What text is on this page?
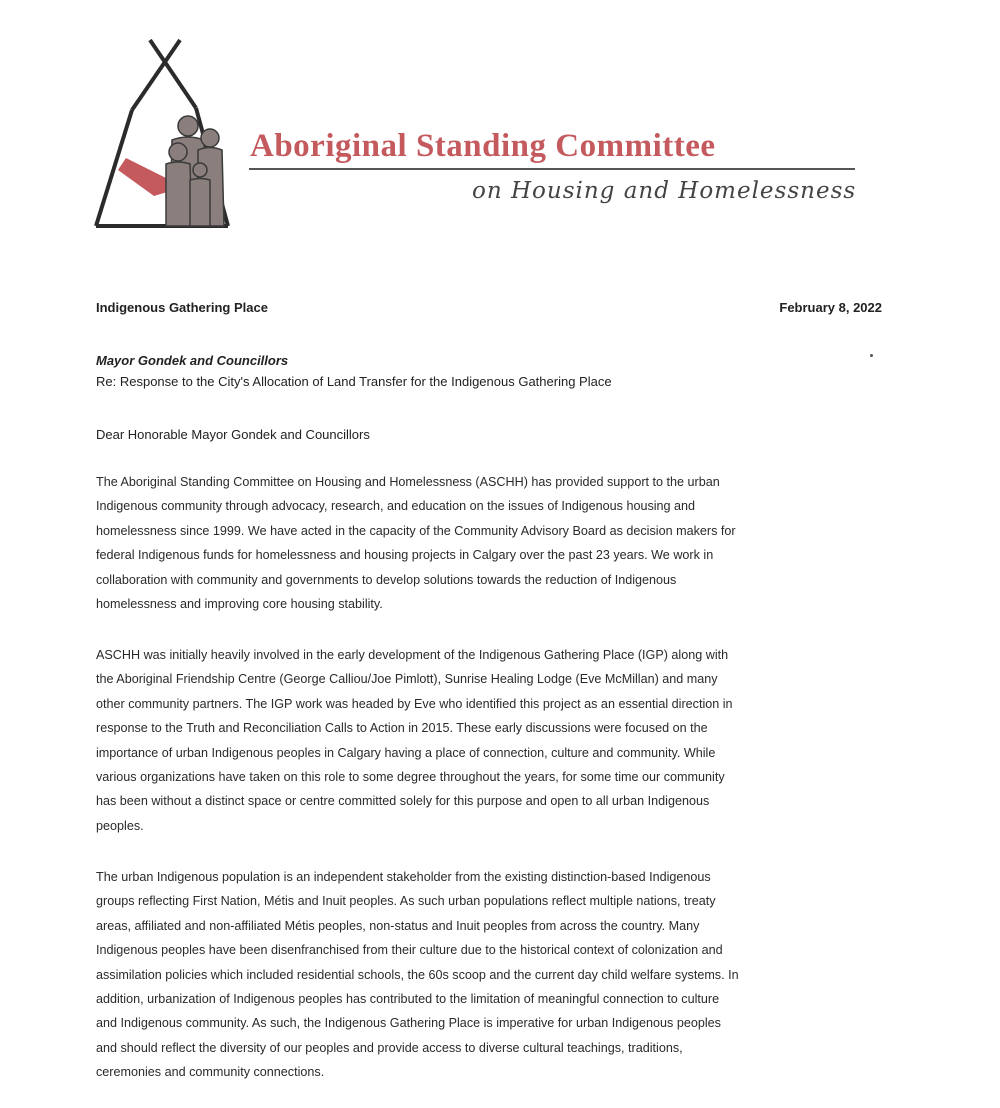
Aboriginal Standing Committee
on Housing and Homelessness
Indigenous Gathering Place	February 8, 2022
Mayor Gondek and Councillors
Re: Response to the City's Allocation of Land Transfer for the Indigenous Gathering Place
Dear Honorable Mayor Gondek and Councillors
The Aboriginal Standing Committee on Housing and Homelessness (ASCHH) has provided support to the urban
Indigenous community through advocacy, research, and education on the issues of Indigenous housing and
homelessness since 1999. We have acted in the capacity of the Community Advisory Board as decision makers for
federal Indigenous funds for homelessness and housing projects in Calgary over the past 23 years. We work in
collaboration with community and governments to develop solutions towards the reduction of Indigenous
homelessness and improving core housing stability.
ASCHH was initially heavily involved in the early development of the Indigenous Gathering Place (IGP) along with
the Aboriginal Friendship Centre (George Calliou/Joe Pimlott), Sunrise Healing Lodge (Eve McMillan) and many
other community partners. The IGP work was headed by Eve who identified this project as an essential direction in
response to the Truth and Reconciliation Calls to Action in 2015. These early discussions were focused on the
importance of urban Indigenous peoples in Calgary having a place of connection, culture and community. While
various organizations have taken on this role to some degree throughout the years, for some time our community
has been without a distinct space or centre committed solely for this purpose and open to all urban Indigenous
peoples.
The urban Indigenous population is an independent stakeholder from the existing distinction-based Indigenous
groups reflecting First Nation, Métis and Inuit peoples. As such urban populations reflect multiple nations, treaty
areas, affiliated and non-affiliated Métis peoples, non-status and Inuit peoples from across the country. Many
Indigenous peoples have been disenfranchised from their culture due to the historical context of colonization and
assimilation policies which included residential schools, the 60s scoop and the current day child welfare systems. In
addition, urbanization of Indigenous peoples has contributed to the limitation of meaningful connection to culture
and Indigenous community. As such, the Indigenous Gathering Place is imperative for urban Indigenous peoples
and should reflect the diversity of our peoples and provide access to diverse cultural teachings, traditions,
ceremonies and community connections.
